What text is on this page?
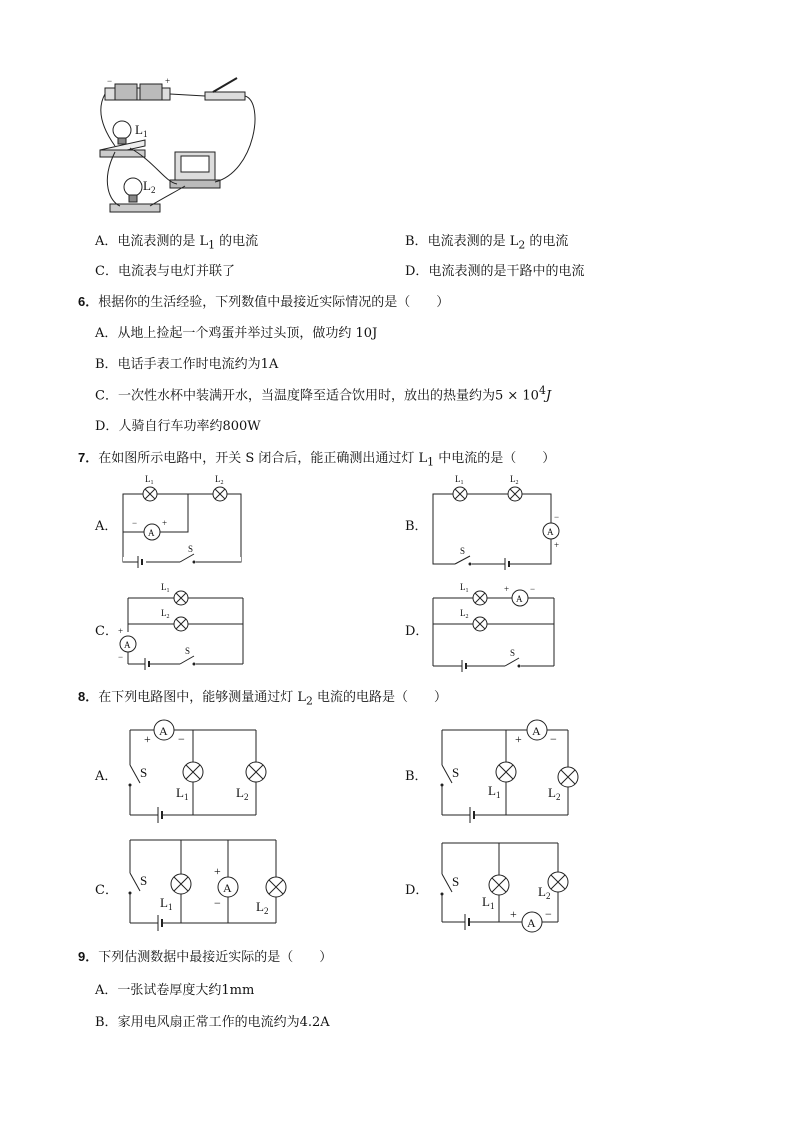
−	+
$L_1$
$L_2$
A．电流表测的是 $L_1$ 的电流	B．电流表测的是 $L_2$ 的电流
C．电流表与电灯并联了	D．电流表测的是干路中的电流
6．根据你的生活经验，下列数值中最接近实际情况的是（　　）
A．从地上捡起一个鸡蛋并举过头顶，做功约 10J
B．电话手表工作时电流约为1A
C．一次性水杯中装满开水，当温度降至适合饮用时，放出的热量约为$5 \times 10^4J$
D．人骑自行车功率约800W
7．在如图所示电路中，开关 S 闭合后，能正确测出通过灯 $L_1$ 中电流的是（　　）
A．	B．
C．	D．
S
$L_1$	$L_2$
A
−	+
$L_1$	$L_2$
A
−
+
S
$L_1$
$L_2$
A
+
−
S
$L_1$
A
+ −
$L_2$
S
8．在下列电路图中，能够测量通过灯 $L_2$ 电流的电路是（　　）
A．	B．
C．	D．
A
+ −
S
$L_1$	$L_2$
A
+ −
S
$L_1$	$L_2$
S
$L_1$
A
+
−	$L_2$
S
$L_1$
$L_2$
A
+ −
9．下列估测数据中最接近实际的是（　　）
A．一张试卷厚度大约1mm
B．家用电风扇正常工作的电流约为4.2A
